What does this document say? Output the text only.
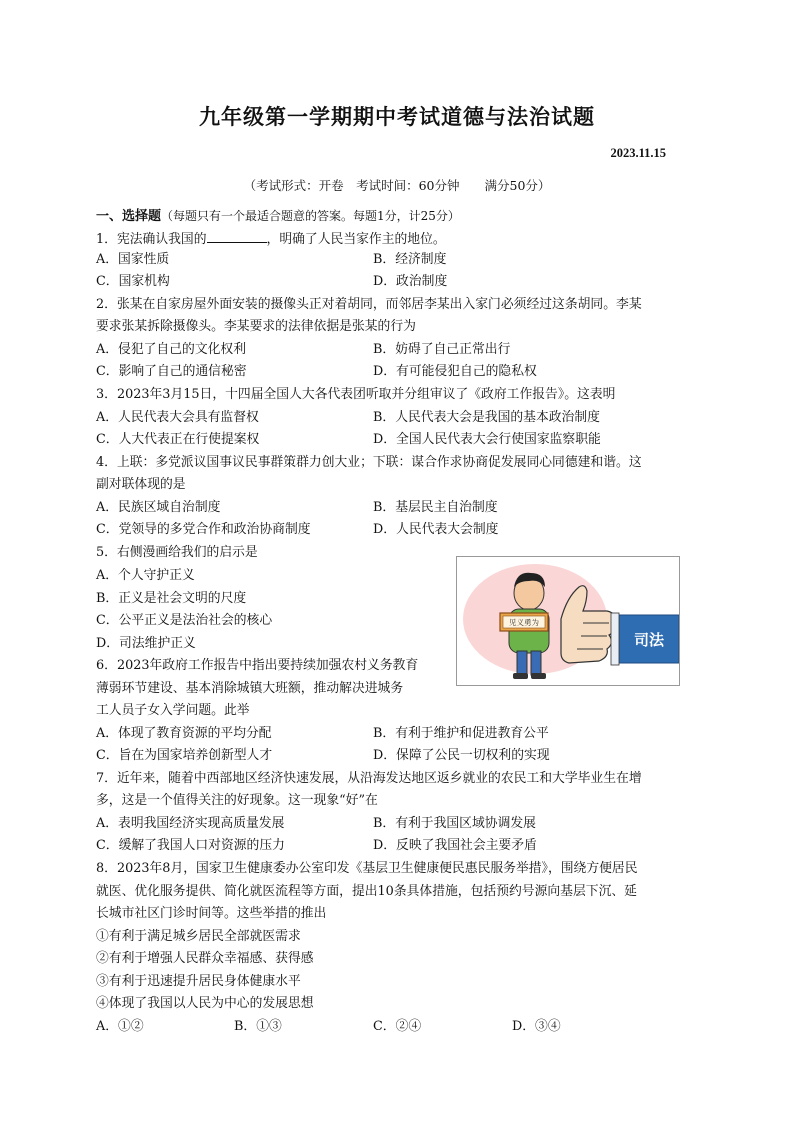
九年级第一学期期中考试道德与法治试题
2023.11.15
（考试形式：开卷　考试时间：60分钟　　满分50分）
一、选择题（每题只有一个最适合题意的答案。每题1分，计25分）
1．宪法确认我国的	，明确了人民当家作主的地位。
A．国家性质	B．经济制度
C．国家机构	D．政治制度
2．张某在自家房屋外面安装的摄像头正对着胡同，而邻居李某出入家门必须经过这条胡同。李某
要求张某拆除摄像头。李某要求的法律依据是张某的行为
A．侵犯了自己的文化权利	B．妨碍了自己正常出行
C．影响了自己的通信秘密	D．有可能侵犯自己的隐私权
3．2023年3月15日，十四届全国人大各代表团听取并分组审议了《政府工作报告》。这表明
A．人民代表大会具有监督权	B．人民代表大会是我国的基本政治制度
C．人大代表正在行使提案权	D．全国人民代表大会行使国家监察职能
4．上联：多党派议国事议民事群策群力创大业；下联：谋合作求协商促发展同心同德建和谐。这
副对联体现的是
A．民族区域自治制度	B．基层民主自治制度
C．党领导的多党合作和政治协商制度	D．人民代表大会制度
5．右侧漫画给我们的启示是
A．个人守护正义
B．正义是社会文明的尺度
C．公平正义是法治社会的核心
D．司法维护正义
见义勇为
司法
6．2023年政府工作报告中指出要持续加强农村义务教育
薄弱环节建设、基本消除城镇大班额，推动解决进城务
工人员子女入学问题。此举
A．体现了教育资源的平均分配	B．有利于维护和促进教育公平
C．旨在为国家培养创新型人才	D．保障了公民一切权利的实现
7．近年来，随着中西部地区经济快速发展，从沿海发达地区返乡就业的农民工和大学毕业生在增
多，这是一个值得关注的好现象。这一现象“好”在
A．表明我国经济实现高质量发展	B．有利于我国区域协调发展
C．缓解了我国人口对资源的压力	D．反映了我国社会主要矛盾
8．2023年8月，国家卫生健康委办公室印发《基层卫生健康便民惠民服务举措》，围绕方便居民
就医、优化服务提供、简化就医流程等方面，提出10条具体措施，包括预约号源向基层下沉、延
长城市社区门诊时间等。这些举措的推出
①有利于满足城乡居民全部就医需求
②有利于增强人民群众幸福感、获得感
③有利于迅速提升居民身体健康水平
④体现了我国以人民为中心的发展思想
A．①②	B．①③	C．②④	D．③④
